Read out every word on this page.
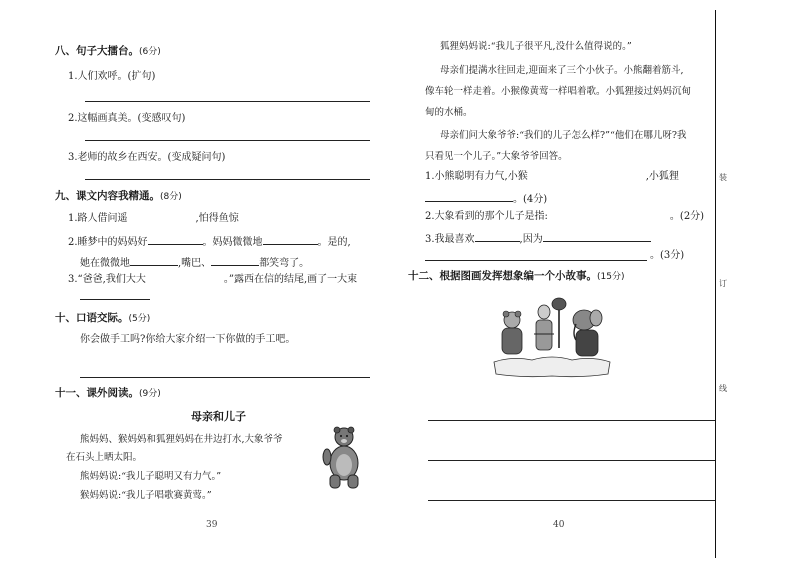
八、句子大擂台。(6分)
1.人们欢呼。(扩句)
2.这幅画真美。(变感叹句)
3.老师的故乡在西安。(变成疑问句)
九、课文内容我精通。(8分)
1.路人借问遥	,怕得鱼惊
2.睡梦中的妈妈好	。妈妈微微地	。是的,
她在微微地	,嘴巴、	都笑弯了。
3.“爸爸,我们大大	。”露西在信的结尾,画了一大束
十、口语交际。(5分)
你会做手工吗?你给大家介绍一下你做的手工吧。
十一、课外阅读。(9分)
母亲和儿子
熊妈妈、猴妈妈和狐狸妈妈在井边打水,大象爷爷
在石头上晒太阳。
熊妈妈说:“我儿子聪明又有力气。”
猴妈妈说:“我儿子唱歌赛黄莺。”
39
狐狸妈妈说:“我儿子很平凡,没什么值得说的。”
母亲们提满水往回走,迎面来了三个小伙子。小熊翻着筋斗,
像车轮一样走着。小猴像黄莺一样唱着歌。小狐狸接过妈妈沉甸
甸的水桶。
母亲们问大象爷爷:“我们的儿子怎么样?”“他们在哪儿呀?我
只看见一个儿子。”大象爷爷回答。
1.小熊聪明有力气,小猴	,小狐狸
。(4分)
2.大象看到的那个儿子是指:	。(2分)
3.我最喜欢	,因为
。(3分)
十二、根据图画发挥想象编一个小故事。(15分)
40
装
订
线
